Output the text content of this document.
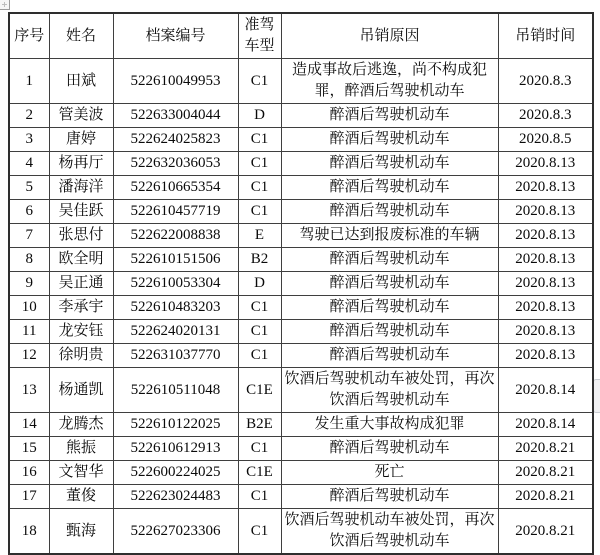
序号	姓名	档案编号	准驾车型	吊销原因	吊销时间
1	田斌	522610049953	C1	造成事故后逃逸，尚不构成犯罪，醉酒后驾驶机动车	2020.8.3
2	管美波	522633004044	D	醉酒后驾驶机动车	2020.8.3
3	唐婷	522624025823	C1	醉酒后驾驶机动车	2020.8.5
4	杨再厅	522632036053	C1	醉酒后驾驶机动车	2020.8.13
5	潘海洋	522610665354	C1	醉酒后驾驶机动车	2020.8.13
6	吴佳跃	522610457719	C1	醉酒后驾驶机动车	2020.8.13
7	张思付	522622008838	E	驾驶已达到报废标准的车辆	2020.8.13
8	欧全明	522610151506	B2	醉酒后驾驶机动车	2020.8.13
9	吴正通	522610053304	D	醉酒后驾驶机动车	2020.8.13
10	李承宇	522610483203	C1	醉酒后驾驶机动车	2020.8.13
11	龙安钰	522624020131	C1	醉酒后驾驶机动车	2020.8.13
12	徐明贵	522631037770	C1	醉酒后驾驶机动车	2020.8.13
13	杨通凯	522610511048	C1E	饮酒后驾驶机动车被处罚，再次饮酒后驾驶机动车	2020.8.14
14	龙腾杰	522610122025	B2E	发生重大事故构成犯罪	2020.8.14
15	熊振	522610612913	C1	醉酒后驾驶机动车	2020.8.21
16	文智华	522600224025	C1E	死亡	2020.8.21
17	董俊	522623024483	C1	醉酒后驾驶机动车	2020.8.21
18	甄海	522627023306	C1	饮酒后驾驶机动车被处罚，再次饮酒后驾驶机动车	2020.8.21
